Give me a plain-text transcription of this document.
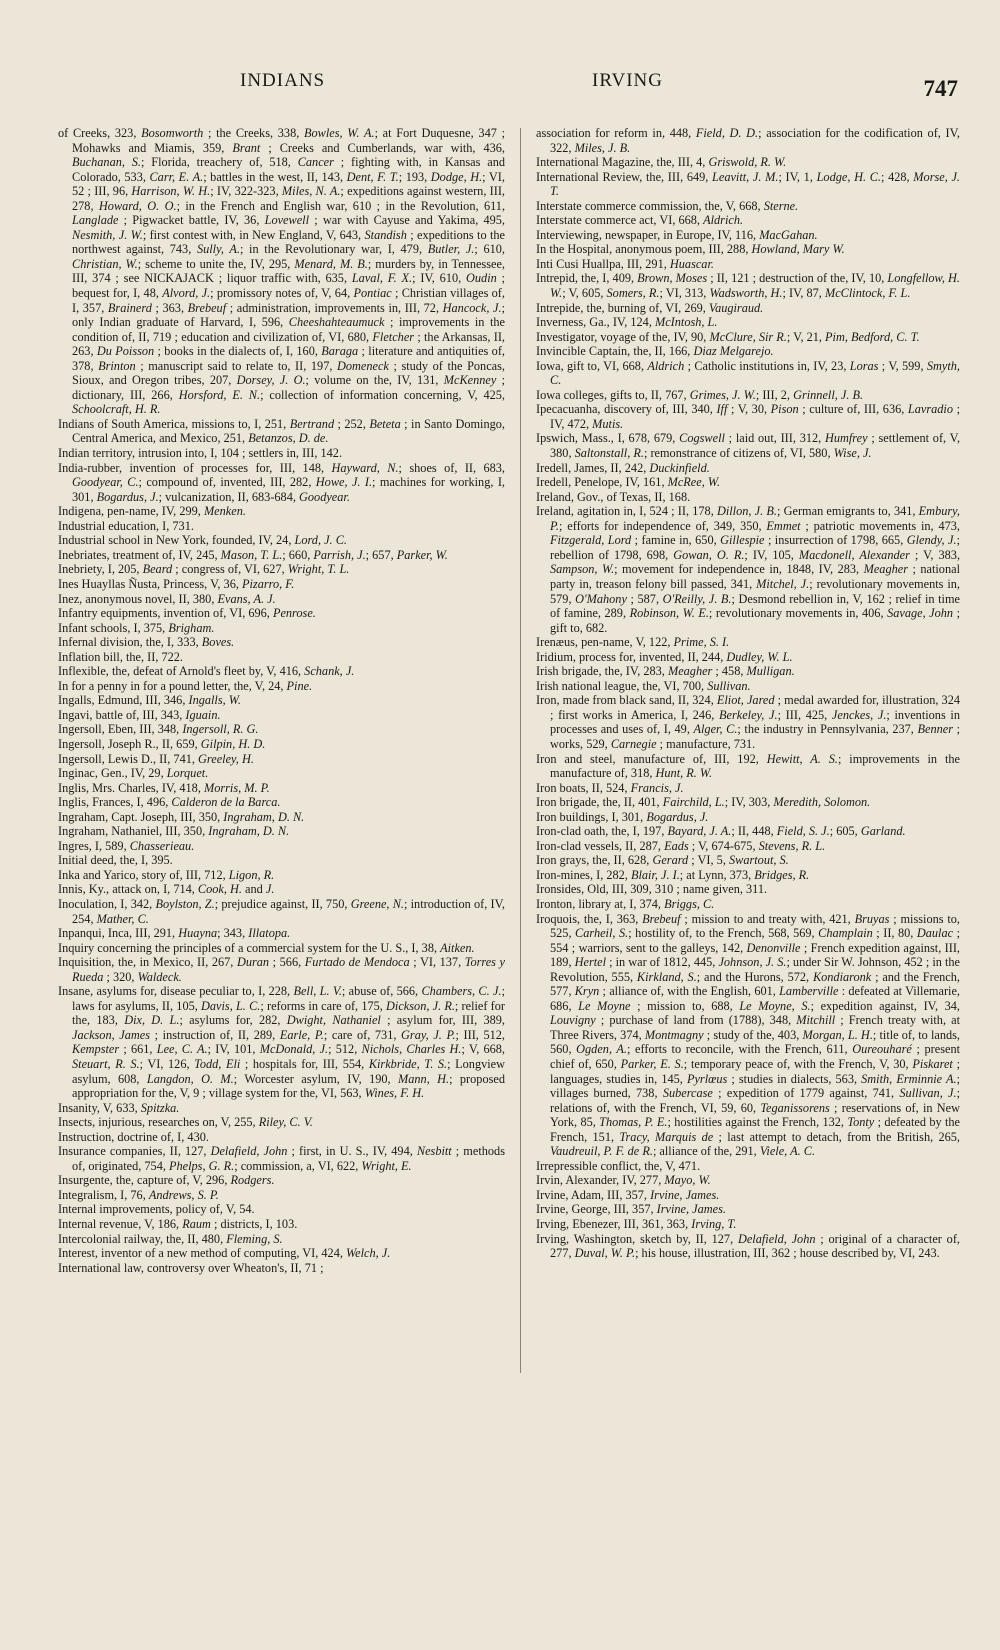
INDIANS	IRVING	747

of Creeks, 323, Bosomworth ; the Creeks, 338, Bowles, W. A.; at Fort Duquesne, 347 ; Mohawks and Miamis, 359, Brant ; Creeks and Cumberlands, war with, 436, Buchanan, S.; Florida, treachery of, 518, Cancer ; fighting with, in Kansas and Colorado, 533, Carr, E. A.; battles in the west, II, 143, Dent, F. T.; 193, Dodge, H.; VI, 52 ; III, 96, Harrison, W. H.; IV, 322-323, Miles, N. A.; expeditions against western, III, 278, Howard, O. O.; in the French and English war, 610 ; in the Revolution, 611, Langlade ; Pigwacket battle, IV, 36, Lovewell ; war with Cayuse and Yakima, 495, Nesmith, J. W.; first contest with, in New England, V, 643, Standish ; expeditions to the northwest against, 743, Sully, A.; in the Revolutionary war, I, 479, Butler, J.; 610, Christian, W.; scheme to unite the, IV, 295, Menard, M. B.; murders by, in Tennessee, III, 374 ; see NICKAJACK ; liquor traffic with, 635, Laval, F. X.; IV, 610, Oudin ; bequest for, I, 48, Alvord, J.; promissory notes of, V, 64, Pontiac ; Christian villages of, I, 357, Brainerd ; 363, Brebeuf ; administration, improvements in, III, 72, Hancock, J.; only Indian graduate of Harvard, I, 596, Cheeshahteaumuck ; improvements in the condition of, II, 719 ; education and civilization of, VI, 680, Fletcher ; the Arkansas, II, 263, Du Poisson ; books in the dialects of, I, 160, Baraga ; literature and antiquities of, 378, Brinton ; manuscript said to relate to, II, 197, Domeneck ; study of the Poncas, Sioux, and Oregon tribes, 207, Dorsey, J. O.; volume on the, IV, 131, McKenney ; dictionary, III, 266, Horsford, E. N.; collection of information concerning, V, 425, Schoolcraft, H. R.

Indians of South America, missions to, I, 251, Bertrand ; 252, Beteta ; in Santo Domingo, Central America, and Mexico, 251, Betanzos, D. de.

Indian territory, intrusion into, I, 104 ; settlers in, III, 142.

India-rubber, invention of processes for, III, 148, Hayward, N.; shoes of, II, 683, Goodyear, C.; compound of, invented, III, 282, Howe, J. I.; machines for working, I, 301, Bogardus, J.; vulcanization, II, 683-684, Goodyear.

Indigena, pen-name, IV, 299, Menken.

Industrial education, I, 731.

Industrial school in New York, founded, IV, 24, Lord, J. C.

Inebriates, treatment of, IV, 245, Mason, T. L.; 660, Parrish, J.; 657, Parker, W.

Inebriety, I, 205, Beard ; congress of, VI, 627, Wright, T. L.

Ines Huayllas Ñusta, Princess, V, 36, Pizarro, F.

Inez, anonymous novel, II, 380, Evans, A. J.

Infantry equipments, invention of, VI, 696, Penrose.

Infant schools, I, 375, Brigham.

Infernal division, the, I, 333, Boves.

Inflation bill, the, II, 722.

Inflexible, the, defeat of Arnold's fleet by, V, 416, Schank, J.

In for a penny in for a pound letter, the, V, 24, Pine.

Ingalls, Edmund, III, 346, Ingalls, W.

Ingavi, battle of, III, 343, Iguain.

Ingersoll, Eben, III, 348, Ingersoll, R. G.

Ingersoll, Joseph R., II, 659, Gilpin, H. D.

Ingersoll, Lewis D., II, 741, Greeley, H.

Inginac, Gen., IV, 29, Lorquet.

Inglis, Mrs. Charles, IV, 418, Morris, M. P.

Inglis, Frances, I, 496, Calderon de la Barca.

Ingraham, Capt. Joseph, III, 350, Ingraham, D. N.

Ingraham, Nathaniel, III, 350, Ingraham, D. N.

Ingres, I, 589, Chasserieau.

Initial deed, the, I, 395.

Inka and Yarico, story of, III, 712, Ligon, R.

Innis, Ky., attack on, I, 714, Cook, H. and J.

Inoculation, I, 342, Boylston, Z.; prejudice against, II, 750, Greene, N.; introduction of, IV, 254, Mather, C.

Inpanqui, Inca, III, 291, Huayna; 343, Illatopa.

Inquiry concerning the principles of a commercial system for the U. S., I, 38, Aitken.

Inquisition, the, in Mexico, II, 267, Duran ; 566, Furtado de Mendoca ; VI, 137, Torres y Rueda ; 320, Waldeck.

Insane, asylums for, disease peculiar to, I, 228, Bell, L. V.; abuse of, 566, Chambers, C. J.; laws for asylums, II, 105, Davis, L. C.; reforms in care of, 175, Dickson, J. R.; relief for the, 183, Dix, D. L.; asylums for, 282, Dwight, Nathaniel ; asylum for, III, 389, Jackson, James ; instruction of, II, 289, Earle, P.; care of, 731, Gray, J. P.; III, 512, Kempster ; 661, Lee, C. A.; IV, 101, McDonald, J.; 512, Nichols, Charles H.; V, 668, Steuart, R. S.; VI, 126, Todd, Eli ; hospitals for, III, 554, Kirkbride, T. S.; Longview asylum, 608, Langdon, O. M.; Worcester asylum, IV, 190, Mann, H.; proposed appropriation for the, V, 9 ; village system for the, VI, 563, Wines, F. H.

Insanity, V, 633, Spitzka.

Insects, injurious, researches on, V, 255, Riley, C. V.

Instruction, doctrine of, I, 430.

Insurance companies, II, 127, Delafield, John ; first, in U. S., IV, 494, Nesbitt ; methods of, originated, 754, Phelps, G. R.; commission, a, VI, 622, Wright, E.

Insurgente, the, capture of, V, 296, Rodgers.

Integralism, I, 76, Andrews, S. P.

Internal improvements, policy of, V, 54.

Internal revenue, V, 186, Raum ; districts, I, 103.

Intercolonial railway, the, II, 480, Fleming, S.

Interest, inventor of a new method of computing, VI, 424, Welch, J.

International law, controversy over Wheaton's, II, 71 ;

association for reform in, 448, Field, D. D.; association for the codification of, IV, 322, Miles, J. B.

International Magazine, the, III, 4, Griswold, R. W.

International Review, the, III, 649, Leavitt, J. M.; IV, 1, Lodge, H. C.; 428, Morse, J. T.

Interstate commerce commission, the, V, 668, Sterne.

Interstate commerce act, VI, 668, Aldrich.

Interviewing, newspaper, in Europe, IV, 116, MacGahan.

In the Hospital, anonymous poem, III, 288, Howland, Mary W.

Inti Cusi Huallpa, III, 291, Huascar.

Intrepid, the, I, 409, Brown, Moses ; II, 121 ; destruction of the, IV, 10, Longfellow, H. W.; V, 605, Somers, R.; VI, 313, Wadsworth, H.; IV, 87, McClintock, F. L.

Intrepide, the, burning of, VI, 269, Vaugiraud.

Inverness, Ga., IV, 124, McIntosh, L.

Investigator, voyage of the, IV, 90, McClure, Sir R.; V, 21, Pim, Bedford, C. T.

Invincible Captain, the, II, 166, Diaz Melgarejo.

Iowa, gift to, VI, 668, Aldrich ; Catholic institutions in, IV, 23, Loras ; V, 599, Smyth, C.

Iowa colleges, gifts to, II, 767, Grimes, J. W.; III, 2, Grinnell, J. B.

Ipecacuanha, discovery of, III, 340, Iff ; V, 30, Pison ; culture of, III, 636, Lavradio ; IV, 472, Mutis.

Ipswich, Mass., I, 678, 679, Cogswell ; laid out, III, 312, Humfrey ; settlement of, V, 380, Saltonstall, R.; remonstrance of citizens of, VI, 580, Wise, J.

Iredell, James, II, 242, Duckinfield.

Iredell, Penelope, IV, 161, McRee, W.

Ireland, Gov., of Texas, II, 168.

Ireland, agitation in, I, 524 ; II, 178, Dillon, J. B.; German emigrants to, 341, Embury, P.; efforts for independence of, 349, 350, Emmet ; patriotic movements in, 473, Fitzgerald, Lord ; famine in, 650, Gillespie ; insurrection of 1798, 665, Glendy, J.; rebellion of 1798, 698, Gowan, O. R.; IV, 105, Macdonell, Alexander ; V, 383, Sampson, W.; movement for independence in, 1848, IV, 283, Meagher ; national party in, treason felony bill passed, 341, Mitchel, J.; revolutionary movements in, 579, O'Mahony ; 587, O'Reilly, J. B.; Desmond rebellion in, V, 162 ; relief in time of famine, 289, Robinson, W. E.; revolutionary movements in, 406, Savage, John ; gift to, 682.

Irenæus, pen-name, V, 122, Prime, S. I.

Iridium, process for, invented, II, 244, Dudley, W. L.

Irish brigade, the, IV, 283, Meagher ; 458, Mulligan.

Irish national league, the, VI, 700, Sullivan.

Iron, made from black sand, II, 324, Eliot, Jared ; medal awarded for, illustration, 324 ; first works in America, I, 246, Berkeley, J.; III, 425, Jenckes, J.; inventions in processes and uses of, I, 49, Alger, C.; the industry in Pennsylvania, 237, Benner ; works, 529, Carnegie ; manufacture, 731.

Iron and steel, manufacture of, III, 192, Hewitt, A. S.; improvements in the manufacture of, 318, Hunt, R. W.

Iron boats, II, 524, Francis, J.

Iron brigade, the, II, 401, Fairchild, L.; IV, 303, Meredith, Solomon.

Iron buildings, I, 301, Bogardus, J.

Iron-clad oath, the, I, 197, Bayard, J. A.; II, 448, Field, S. J.; 605, Garland.

Iron-clad vessels, II, 287, Eads ; V, 674-675, Stevens, R. L.

Iron grays, the, II, 628, Gerard ; VI, 5, Swartout, S.

Iron-mines, I, 282, Blair, J. I.; at Lynn, 373, Bridges, R.

Ironsides, Old, III, 309, 310 ; name given, 311.

Ironton, library at, I, 374, Briggs, C.

Iroquois, the, I, 363, Brebeuf ; mission to and treaty with, 421, Bruyas ; missions to, 525, Carheil, S.; hostility of, to the French, 568, 569, Champlain ; II, 80, Daulac ; 554 ; warriors, sent to the galleys, 142, Denonville ; French expedition against, III, 189, Hertel ; in war of 1812, 445, Johnson, J. S.; under Sir W. Johnson, 452 ; in the Revolution, 555, Kirkland, S.; and the Hurons, 572, Kondiaronk ; and the French, 577, Kryn ; alliance of, with the English, 601, Lamberville : defeated at Villemarie, 686, Le Moyne ; mission to, 688, Le Moyne, S.; expedition against, IV, 34, Louvigny ; purchase of land from (1788), 348, Mitchill ; French treaty with, at Three Rivers, 374, Montmagny ; study of the, 403, Morgan, L. H.; title of, to lands, 560, Ogden, A.; efforts to reconcile, with the French, 611, Oureouharé ; present chief of, 650, Parker, E. S.; temporary peace of, with the French, V, 30, Piskaret ; languages, studies in, 145, Pyrlœus ; studies in dialects, 563, Smith, Erminnie A.; villages burned, 738, Subercase ; expedition of 1779 against, 741, Sullivan, J.; relations of, with the French, VI, 59, 60, Teganissorens ; reservations of, in New York, 85, Thomas, P. E.; hostilities against the French, 132, Tonty ; defeated by the French, 151, Tracy, Marquis de ; last attempt to detach, from the British, 265, Vaudreuil, P. F. de R.; alliance of the, 291, Viele, A. C.

Irrepressible conflict, the, V, 471.

Irvin, Alexander, IV, 277, Mayo, W.

Irvine, Adam, III, 357, Irvine, James.

Irvine, George, III, 357, Irvine, James.

Irving, Ebenezer, III, 361, 363, Irving, T.

Irving, Washington, sketch by, II, 127, Delafield, John ; original of a character of, 277, Duval, W. P.; his house, illustration, III, 362 ; house described by, VI, 243.
